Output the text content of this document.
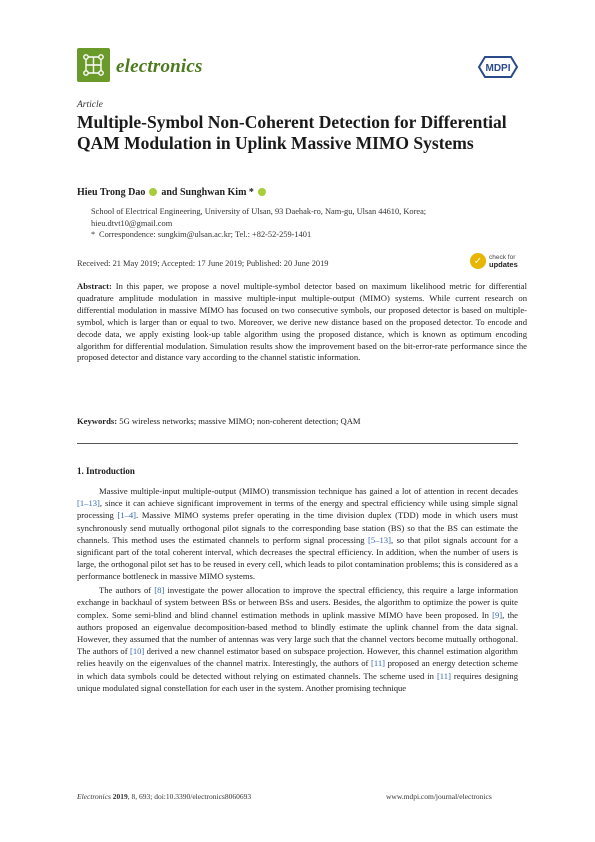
electronics	MDPI
Article
Multiple-Symbol Non-Coherent Detection for Differential QAM Modulation in Uplink Massive MIMO Systems
Hieu Trong Dao and
Sunghwan Kim *
School of Electrical Engineering, University of Ulsan, 93 Daehak-ro, Nam-gu, Ulsan 44610, Korea;
hieu.dtvt10@gmail.com
* Correspondence: sungkim@ulsan.ac.kr; Tel.: +82-52-259-1401
✓	check for
updates
Received: 21 May 2019; Accepted: 17 June 2019; Published: 20 June 2019
Abstract: In this paper, we propose a novel multiple-symbol detector based on maximum likelihood metric for differential quadrature amplitude modulation in massive multiple-input multiple-output (MIMO) systems. While current research on differential modulation in massive MIMO has focused on two consecutive symbols, our proposed detector is based on multiple-symbol, which is larger than or equal to two. Moreover, we derive new distance based on the proposed detector. To encode and decode data, we apply existing look-up table algorithm using the proposed distance, which is known as optimum encoding algorithm for differential modulation. Simulation results show the improvement based on the bit-error-rate performance since the proposed detector and distance vary according to the channel statistic information.
Keywords: 5G wireless networks; massive MIMO; non-coherent detection; QAM
1. Introduction

Massive multiple-input multiple-output (MIMO) transmission technique has gained a lot of attention in recent decades [1–13], since it can achieve significant improvement in terms of the energy and spectral efficiency while using simple signal processing [1–4]. Massive MIMO systems prefer operating in the time division duplex (TDD) mode in which users must synchronously send mutually orthogonal pilot signals to the corresponding base station (BS) so that the BS can estimate the channels. This method uses the estimated channels to perform signal processing [5–13], so that pilot signals account for a significant part of the total coherent interval, which decreases the spectral efficiency. In addition, when the number of users is large, the orthogonal pilot set has to be reused in every cell, which leads to pilot contamination problems; this is considered as a performance bottleneck in massive MIMO systems.

The authors of [8] investigate the power allocation to improve the spectral efficiency, this require a large information exchange in backhaul of system between BSs or between BSs and users. Besides, the algorithm to optimize the power is quite complex. Some semi-blind and blind channel estimation methods in uplink massive MIMO have been proposed. In [9], the authors proposed an eigenvalue decomposition-based method to blindly estimate the uplink channel from the data signal. However, they assumed that the number of antennas was very large such that the channel vectors become mutually orthogonal. The authors of [10] derived a new channel estimator based on subspace projection. However, this channel estimation algorithm relies heavily on the eigenvalues of the channel matrix. Interestingly, the authors of [11] proposed an energy detection scheme in which data symbols could be detected without relying on estimated channels. The scheme used in [11] requires designing unique modulated signal constellation for each user in the system. Another promising technique

Electronics 2019, 8, 693; doi:10.3390/electronics8060693	www.mdpi.com/journal/electronics
